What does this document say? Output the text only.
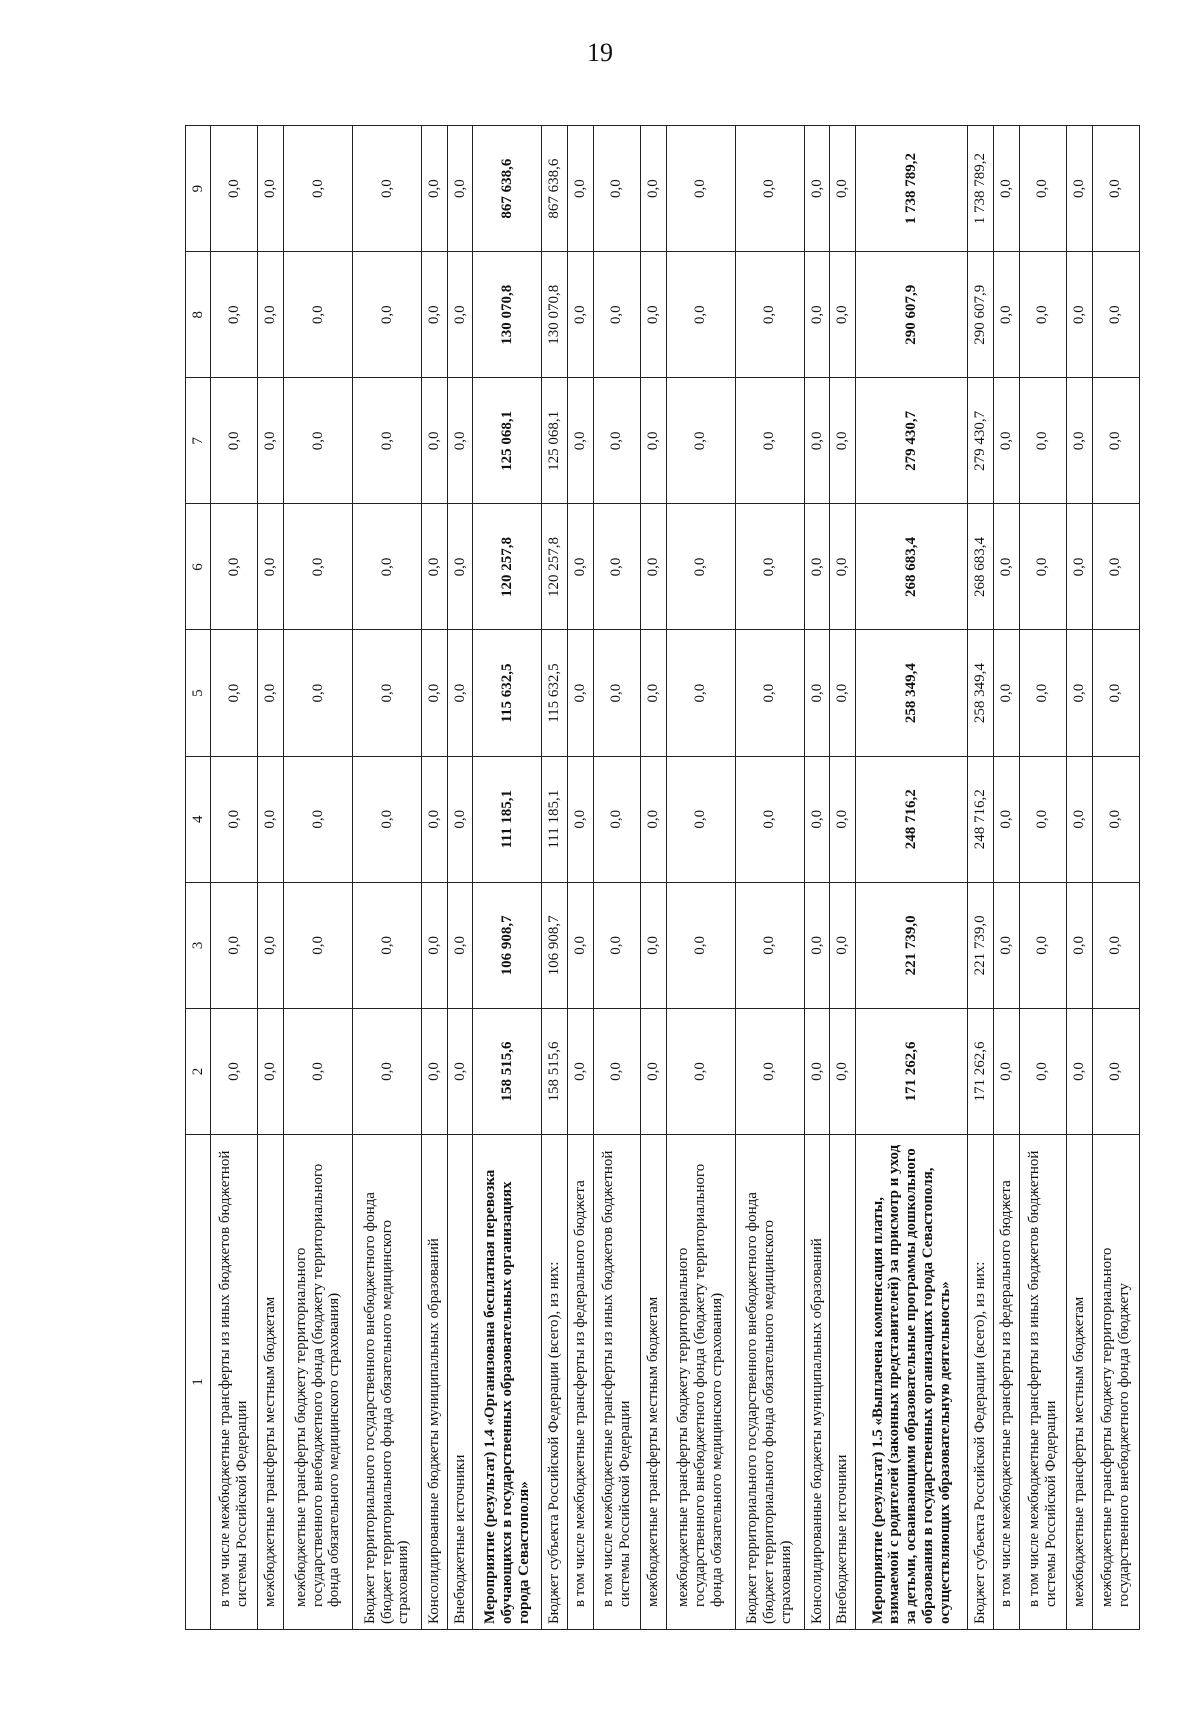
19
1	2	3	4	5	6	7	8	9
в том числе межбюджетные трансферты из иных бюджетов бюджетной системы Российской Федерации	0,0	0,0	0,0	0,0	0,0	0,0	0,0	0,0
межбюджетные трансферты местным бюджетам	0,0	0,0	0,0	0,0	0,0	0,0	0,0	0,0
межбюджетные трансферты бюджету территориального государственного внебюджетного фонда (бюджету территориального фонда обязательного медицинского страхования)	0,0	0,0	0,0	0,0	0,0	0,0	0,0	0,0
Бюджет территориального государственного внебюджетного фонда (бюджет территориального фонда обязательного медицинского страхования)	0,0	0,0	0,0	0,0	0,0	0,0	0,0	0,0
Консолидированные бюджеты муниципальных образований	0,0	0,0	0,0	0,0	0,0	0,0	0,0	0,0
Внебюджетные источники	0,0	0,0	0,0	0,0	0,0	0,0	0,0	0,0
Мероприятие (результат) 1.4 «Организована бесплатная перевозка обучающихся в государственных образовательных организациях города Севастополя»	158 515,6	106 908,7	111 185,1	115 632,5	120 257,8	125 068,1	130 070,8	867 638,6
Бюджет субъекта Российской Федерации (всего), из них:	158 515,6	106 908,7	111 185,1	115 632,5	120 257,8	125 068,1	130 070,8	867 638,6
в том числе межбюджетные трансферты из федерального бюджета	0,0	0,0	0,0	0,0	0,0	0,0	0,0	0,0
в том числе межбюджетные трансферты из иных бюджетов бюджетной системы Российской Федерации	0,0	0,0	0,0	0,0	0,0	0,0	0,0	0,0
межбюджетные трансферты местным бюджетам	0,0	0,0	0,0	0,0	0,0	0,0	0,0	0,0
межбюджетные трансферты бюджету территориального государственного внебюджетного фонда (бюджету территориального фонда обязательного медицинского страхования)	0,0	0,0	0,0	0,0	0,0	0,0	0,0	0,0
Бюджет территориального государственного внебюджетного фонда (бюджет территориального фонда обязательного медицинского страхования)	0,0	0,0	0,0	0,0	0,0	0,0	0,0	0,0
Консолидированные бюджеты муниципальных образований	0,0	0,0	0,0	0,0	0,0	0,0	0,0	0,0
Внебюджетные источники	0,0	0,0	0,0	0,0	0,0	0,0	0,0	0,0
Мероприятие (результат) 1.5 «Выплачена компенсация платы, взимаемой с родителей (законных представителей) за присмотр и уход за детьми, осваивающими образовательные программы дошкольного образования в государственных организациях города Севастополя, осуществляющих образовательную деятельность»	171 262,6	221 739,0	248 716,2	258 349,4	268 683,4	279 430,7	290 607,9	1 738 789,2
Бюджет субъекта Российской Федерации (всего), из них:	171 262,6	221 739,0	248 716,2	258 349,4	268 683,4	279 430,7	290 607,9	1 738 789,2
в том числе межбюджетные трансферты из федерального бюджета	0,0	0,0	0,0	0,0	0,0	0,0	0,0	0,0
в том числе межбюджетные трансферты из иных бюджетов бюджетной системы Российской Федерации	0,0	0,0	0,0	0,0	0,0	0,0	0,0	0,0
межбюджетные трансферты местным бюджетам	0,0	0,0	0,0	0,0	0,0	0,0	0,0	0,0
межбюджетные трансферты бюджету территориального государственного внебюджетного фонда (бюджету	0,0	0,0	0,0	0,0	0,0	0,0	0,0	0,0
